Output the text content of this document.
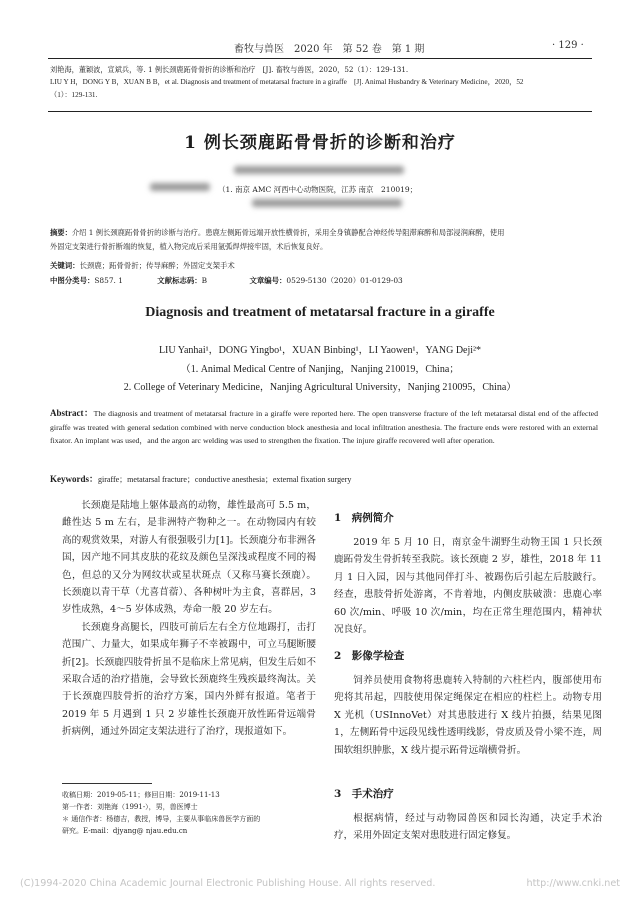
畜牧与兽医　2020 年　第 52 卷　第 1 期	· 129 ·

刘艳海，董颖波，宣斌兵，等. 1 例长颈鹿跖骨骨折的诊断和治疗　[J]. 畜牧与兽医，2020，52（1）：129-131.

LIU Y H，DONG Y B，XUAN B B，et al. Diagnosis and treatment of metatarsal fracture in a giraffe　[J]. Animal Husbandry & Veterinary Medicine，2020，52

（1）：129-131.

1 例长颈鹿跖骨骨折的诊断和治疗
（1. 南京 AMC 河西中心动物医院，江苏 南京　210019；

摘要：介绍 1 例长颈鹿跖骨骨折的诊断与治疗。患鹿左侧跖骨远端开放性横骨折，采用全身镇静配合神经传导阻滞麻醉和局部浸润麻醉，使用

外固定支架进行骨折断端的恢复，植入物完成后采用氩弧焊焊接牢固，术后恢复良好。

关键词：长颈鹿；跖骨骨折；传导麻醉；外固定支架手术
中图分类号：S857. 1	文献标志码：B	文章编号：0529-5130（2020）01-0129-03
Diagnosis and treatment of metatarsal fracture in a giraffe
LIU Yanhai¹，DONG Yingbo¹，XUAN Binbing¹，LI Yaowen¹，YANG Deji²*
（1. Animal Medical Centre of Nanjing，Nanjing 210019，China；
2. College of Veterinary Medicine，Nanjing Agricultural University，Nanjing 210095，China）

Abstract：The diagnosis and treatment of metatarsal fracture in a giraffe were reported here. The open transverse fracture of the left metatarsal distal end of the affected giraffe was treated with general sedation combined with nerve conduction block anesthesia and local infiltration anesthesia. The fracture ends were restored with an external fixator. An implant was used，and the argon arc welding was used to strengthen the fixation. The injure giraffe recovered well after operation.

Keywords：giraffe；metatarsal fracture；conductive anesthesia；external fixation surgery

长颈鹿是陆地上躯体最高的动物，雄性最高可 5.5 m，雌性达 5 m 左右，是非洲特产物种之一。在动物园内有较高的观赏效果，对游人有很强吸引力[1]。长颈鹿分布非洲各国，因产地不同其皮肤的花纹及颜色呈深浅或程度不同的褐色，但总的又分为网纹状或星状斑点（又称马赛长颈鹿）。长颈鹿以青干草（尤喜苜蓿）、各种树叶为主食，喜群居，3 岁性成熟，4～5 岁体成熟，寿命一般 20 岁左右。

长颈鹿身高腿长，四肢可前后左右全方位地踢打，击打范围广、力量大，如果成年狮子不幸被踢中，可立马腿断腰折[2]。长颈鹿四肢骨折虽不是临床上常见病，但发生后如不采取合适的治疗措施，会导致长颈鹿终生残疾最终淘汰。关于长颈鹿四肢骨折的治疗方案，国内外鲜有报道。笔者于 2019 年 5 月遇到 1 只 2 岁雄性长颈鹿开放性跖骨远端骨折病例，通过外固定支架法进行了治疗，现报道如下。

收稿日期：2019-05-11；修回日期：2019-11-13

第一作者：刘艳海（1991-），男，兽医博士

＊ 通信作者：杨德吉，教授，博导，主要从事临床兽医学方面的

研究。E-mail：djyang@ njau.edu.cn

1　病例简介

2019 年 5 月 10 日，南京金牛湖野生动物王国 1 只长颈鹿跖骨发生骨折转至我院。该长颈鹿 2 岁，雄性，2018 年 11 月 1 日入园，因与其他同伴打斗、被踢伤后引起左后肢跛行。经查，患肢骨折处游离，不肯着地，内侧皮肤破溃：患鹿心率 60 次/min、呼吸 10 次/min，均在正常生理范围内，精神状况良好。

2　影像学检查

饲养员使用食物将患鹿转入特制的六柱栏内，腹部使用布兜将其吊起，四肢使用保定绳保定在相应的柱栏上。动物专用 X 光机（USInnoVet）对其患肢进行 X 线片拍摄，结果见图 1，左侧跖骨中远段见线性透明线影，骨皮质及骨小梁不连，周围软组织肿胀，X 线片提示跖骨远端横骨折。

3　手术治疗

根据病情，经过与动物园兽医和园长沟通，决定手术治疗，采用外固定支架对患肢进行固定修复。

(C)1994-2020 China Academic Journal Electronic Publishing House. All rights reserved.	http://www.cnki.net
